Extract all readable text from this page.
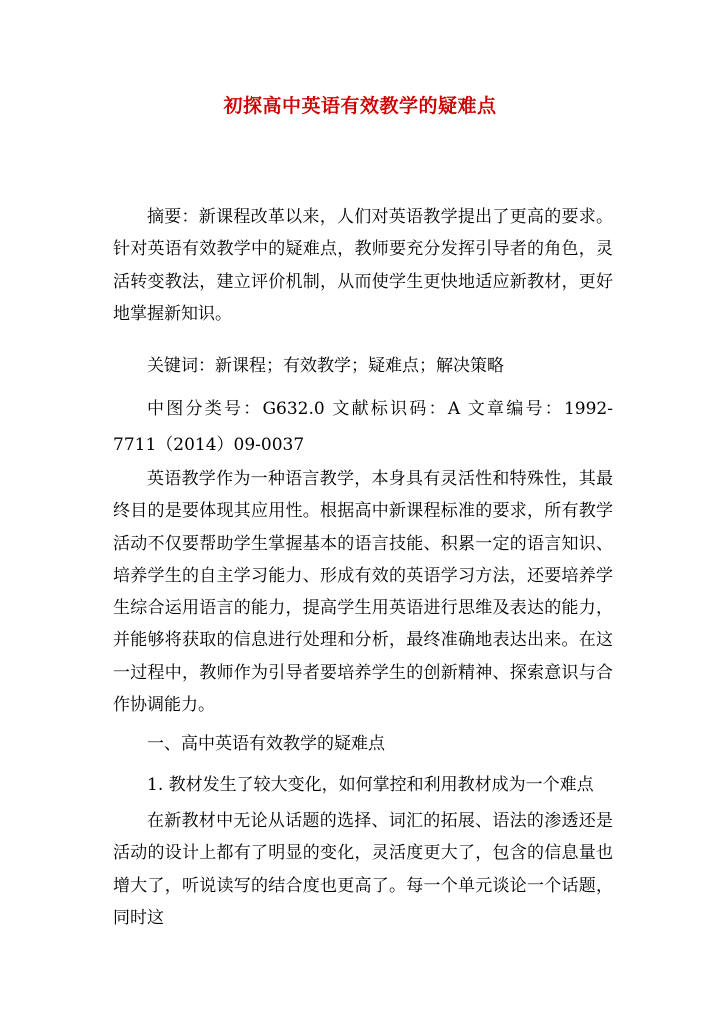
初探高中英语有效教学的疑难点
摘要：新课程改革以来，人们对英语教学提出了更高的要求。针对英语有效教学中的疑难点，教师要充分发挥引导者的角色，灵活转变教法，建立评价机制，从而使学生更快地适应新教材，更好地掌握新知识。
关键词：新课程；有效教学；疑难点；解决策略
中图分类号：G632.0 文献标识码：A 文章编号：1992-7711（2014）09-0037
英语教学作为一种语言教学，本身具有灵活性和特殊性，其最终目的是要体现其应用性。根据高中新课程标准的要求，所有教学活动不仅要帮助学生掌握基本的语言技能、积累一定的语言知识、培养学生的自主学习能力、形成有效的英语学习方法，还要培养学生综合运用语言的能力，提高学生用英语进行思维及表达的能力，并能够将获取的信息进行处理和分析，最终准确地表达出来。在这一过程中，教师作为引导者要培养学生的创新精神、探索意识与合作协调能力。
一、高中英语有效教学的疑难点
1. 教材发生了较大变化，如何掌控和利用教材成为一个难点
在新教材中无论从话题的选择、词汇的拓展、语法的渗透还是活动的设计上都有了明显的变化，灵活度更大了，包含的信息量也增大了，听说读写的结合度也更高了。每一个单元谈论一个话题，同时这
